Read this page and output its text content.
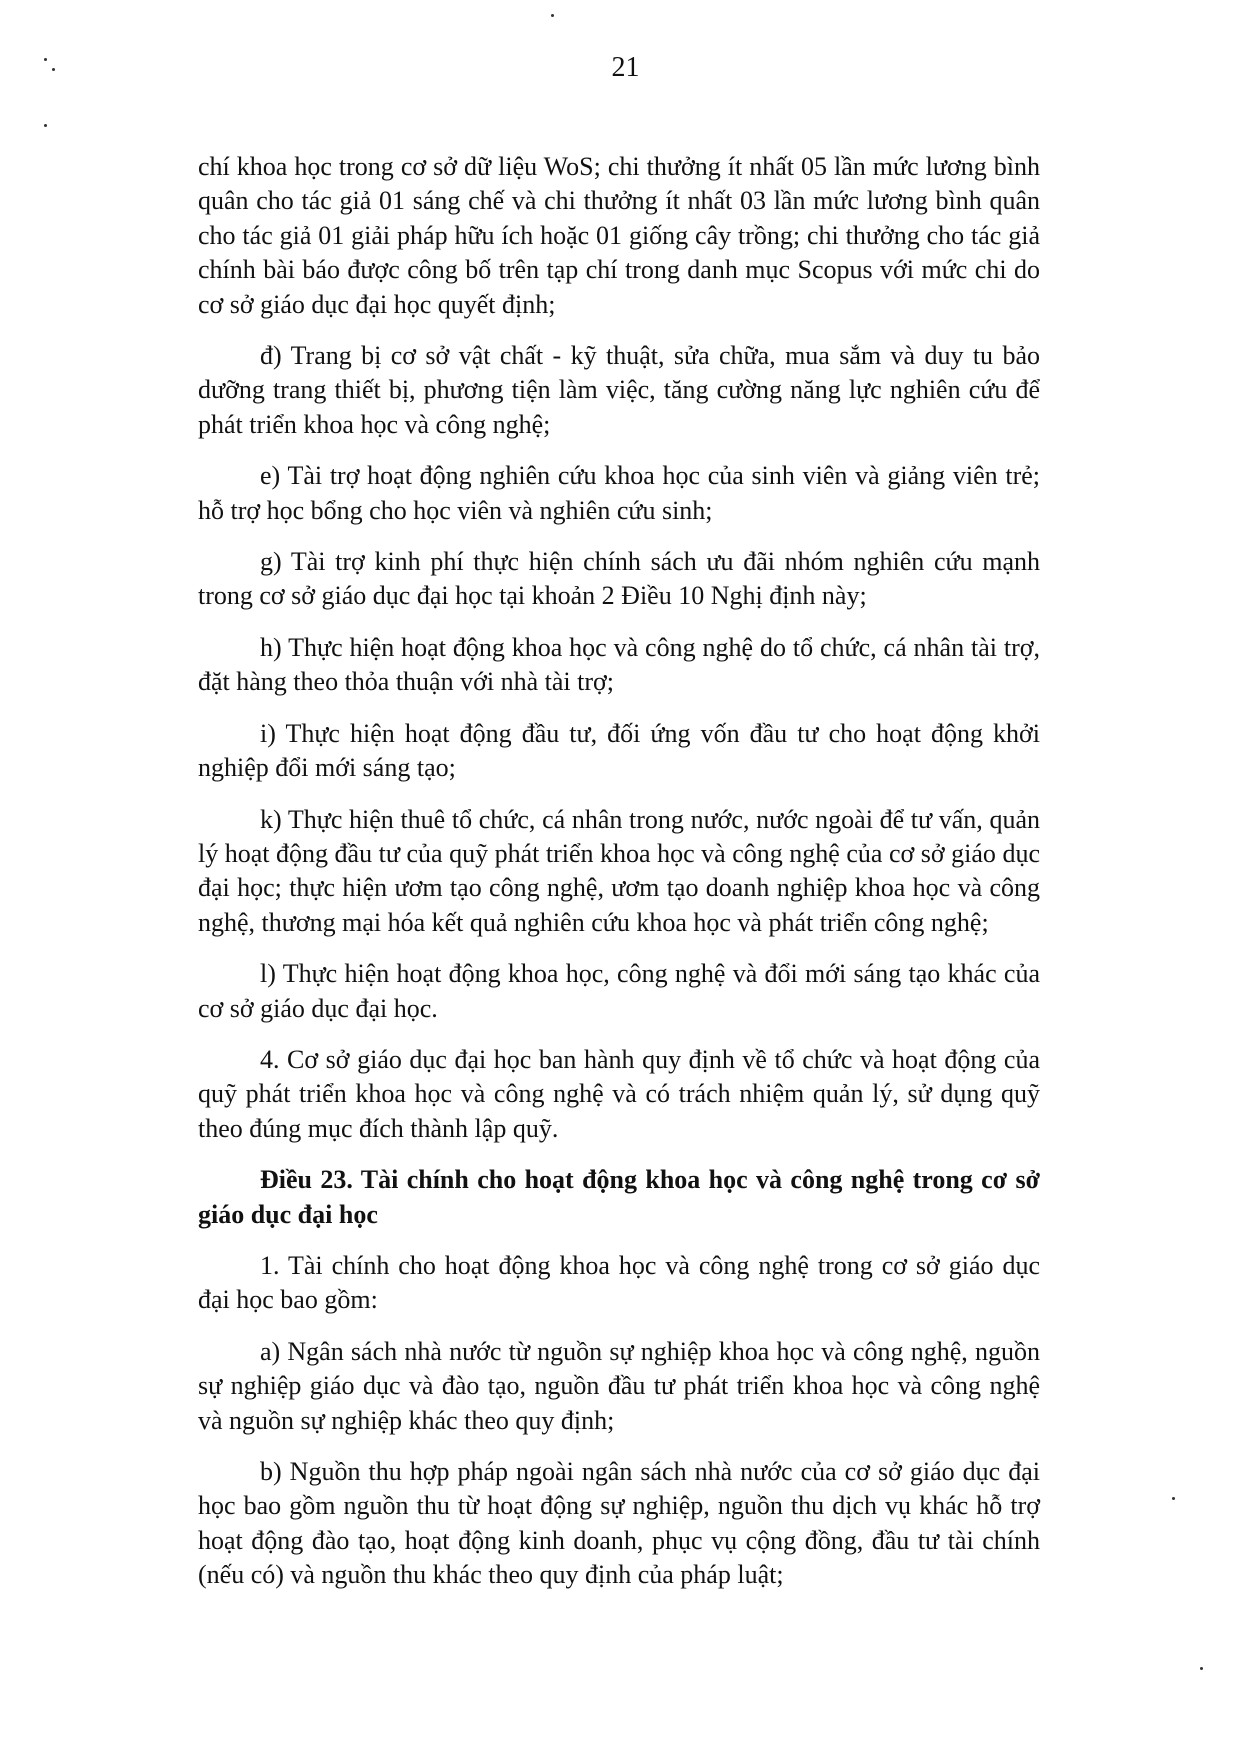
21

chí khoa học trong cơ sở dữ liệu WoS; chi thưởng ít nhất 05 lần mức lương bình quân cho tác giả 01 sáng chế và chi thưởng ít nhất 03 lần mức lương bình quân cho tác giả 01 giải pháp hữu ích hoặc 01 giống cây trồng; chi thưởng cho tác giả chính bài báo được công bố trên tạp chí trong danh mục Scopus với mức chi do cơ sở giáo dục đại học quyết định;

đ) Trang bị cơ sở vật chất - kỹ thuật, sửa chữa, mua sắm và duy tu bảo dưỡng trang thiết bị, phương tiện làm việc, tăng cường năng lực nghiên cứu để phát triển khoa học và công nghệ;

e) Tài trợ hoạt động nghiên cứu khoa học của sinh viên và giảng viên trẻ; hỗ trợ học bổng cho học viên và nghiên cứu sinh;

g) Tài trợ kinh phí thực hiện chính sách ưu đãi nhóm nghiên cứu mạnh trong cơ sở giáo dục đại học tại khoản 2 Điều 10 Nghị định này;

h) Thực hiện hoạt động khoa học và công nghệ do tổ chức, cá nhân tài trợ, đặt hàng theo thỏa thuận với nhà tài trợ;

i) Thực hiện hoạt động đầu tư, đối ứng vốn đầu tư cho hoạt động khởi nghiệp đổi mới sáng tạo;

k) Thực hiện thuê tổ chức, cá nhân trong nước, nước ngoài để tư vấn, quản lý hoạt động đầu tư của quỹ phát triển khoa học và công nghệ của cơ sở giáo dục đại học; thực hiện ươm tạo công nghệ, ươm tạo doanh nghiệp khoa học và công nghệ, thương mại hóa kết quả nghiên cứu khoa học và phát triển công nghệ;

l) Thực hiện hoạt động khoa học, công nghệ và đổi mới sáng tạo khác của cơ sở giáo dục đại học.

4. Cơ sở giáo dục đại học ban hành quy định về tổ chức và hoạt động của quỹ phát triển khoa học và công nghệ và có trách nhiệm quản lý, sử dụng quỹ theo đúng mục đích thành lập quỹ.

Điều 23. Tài chính cho hoạt động khoa học và công nghệ trong cơ sở giáo dục đại học

1. Tài chính cho hoạt động khoa học và công nghệ trong cơ sở giáo dục đại học bao gồm:

a) Ngân sách nhà nước từ nguồn sự nghiệp khoa học và công nghệ, nguồn sự nghiệp giáo dục và đào tạo, nguồn đầu tư phát triển khoa học và công nghệ và nguồn sự nghiệp khác theo quy định;

b) Nguồn thu hợp pháp ngoài ngân sách nhà nước của cơ sở giáo dục đại học bao gồm nguồn thu từ hoạt động sự nghiệp, nguồn thu dịch vụ khác hỗ trợ hoạt động đào tạo, hoạt động kinh doanh, phục vụ cộng đồng, đầu tư tài chính (nếu có) và nguồn thu khác theo quy định của pháp luật;
